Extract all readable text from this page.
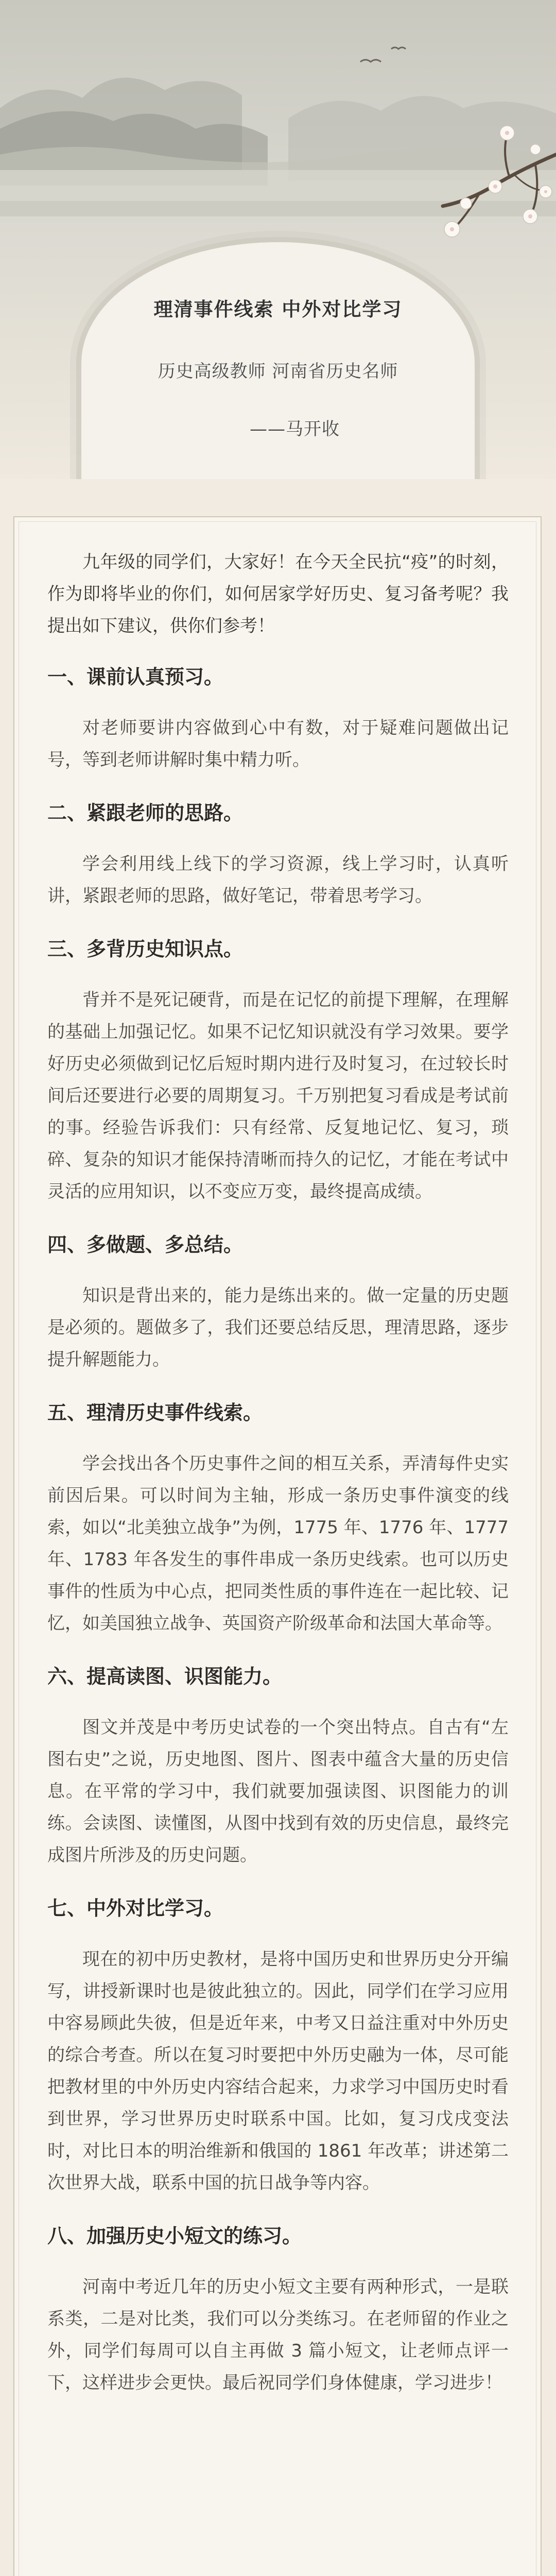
理清事件线索 中外对比学习
历史高级教师 河南省历史名师
——马开收

九年级的同学们，大家好！在今天全民抗“疫”的时刻，作为即将毕业的你们，如何居家学好历史、复习备考呢？我提出如下建议，供你们参考！

一、课前认真预习。

对老师要讲内容做到心中有数，对于疑难问题做出记号，等到老师讲解时集中精力听。

二、紧跟老师的思路。

学会利用线上线下的学习资源，线上学习时，认真听讲，紧跟老师的思路，做好笔记，带着思考学习。

三、多背历史知识点。

背并不是死记硬背，而是在记忆的前提下理解，在理解的基础上加强记忆。如果不记忆知识就没有学习效果。要学好历史必须做到记忆后短时期内进行及时复习，在过较长时间后还要进行必要的周期复习。千万别把复习看成是考试前的事。经验告诉我们：只有经常、反复地记忆、复习，琐碎、复杂的知识才能保持清晰而持久的记忆，才能在考试中灵活的应用知识，以不变应万变，最终提高成绩。

四、多做题、多总结。

知识是背出来的，能力是练出来的。做一定量的历史题是必须的。题做多了，我们还要总结反思，理清思路，逐步提升解题能力。

五、理清历史事件线索。

学会找出各个历史事件之间的相互关系，弄清每件史实前因后果。可以时间为主轴，形成一条历史事件演变的线索，如以“北美独立战争”为例，1775 年、1776 年、1777 年、1783 年各发生的事件串成一条历史线索。也可以历史事件的性质为中心点，把同类性质的事件连在一起比较、记忆，如美国独立战争、英国资产阶级革命和法国大革命等。

六、提高读图、识图能力。

图文并茂是中考历史试卷的一个突出特点。自古有“左图右史”之说，历史地图、图片、图表中蕴含大量的历史信息。在平常的学习中，我们就要加强读图、识图能力的训练。会读图、读懂图，从图中找到有效的历史信息，最终完成图片所涉及的历史问题。

七、中外对比学习。

现在的初中历史教材，是将中国历史和世界历史分开编写，讲授新课时也是彼此独立的。因此，同学们在学习应用中容易顾此失彼，但是近年来，中考又日益注重对中外历史的综合考查。所以在复习时要把中外历史融为一体，尽可能把教材里的中外历史内容结合起来，力求学习中国历史时看到世界，学习世界历史时联系中国。比如，复习戊戌变法时，对比日本的明治维新和俄国的 1861 年改革；讲述第二次世界大战，联系中国的抗日战争等内容。

八、加强历史小短文的练习。

河南中考近几年的历史小短文主要有两种形式，一是联系类，二是对比类，我们可以分类练习。在老师留的作业之外，同学们每周可以自主再做 3 篇小短文，让老师点评一下，这样进步会更快。最后祝同学们身体健康，学习进步！
